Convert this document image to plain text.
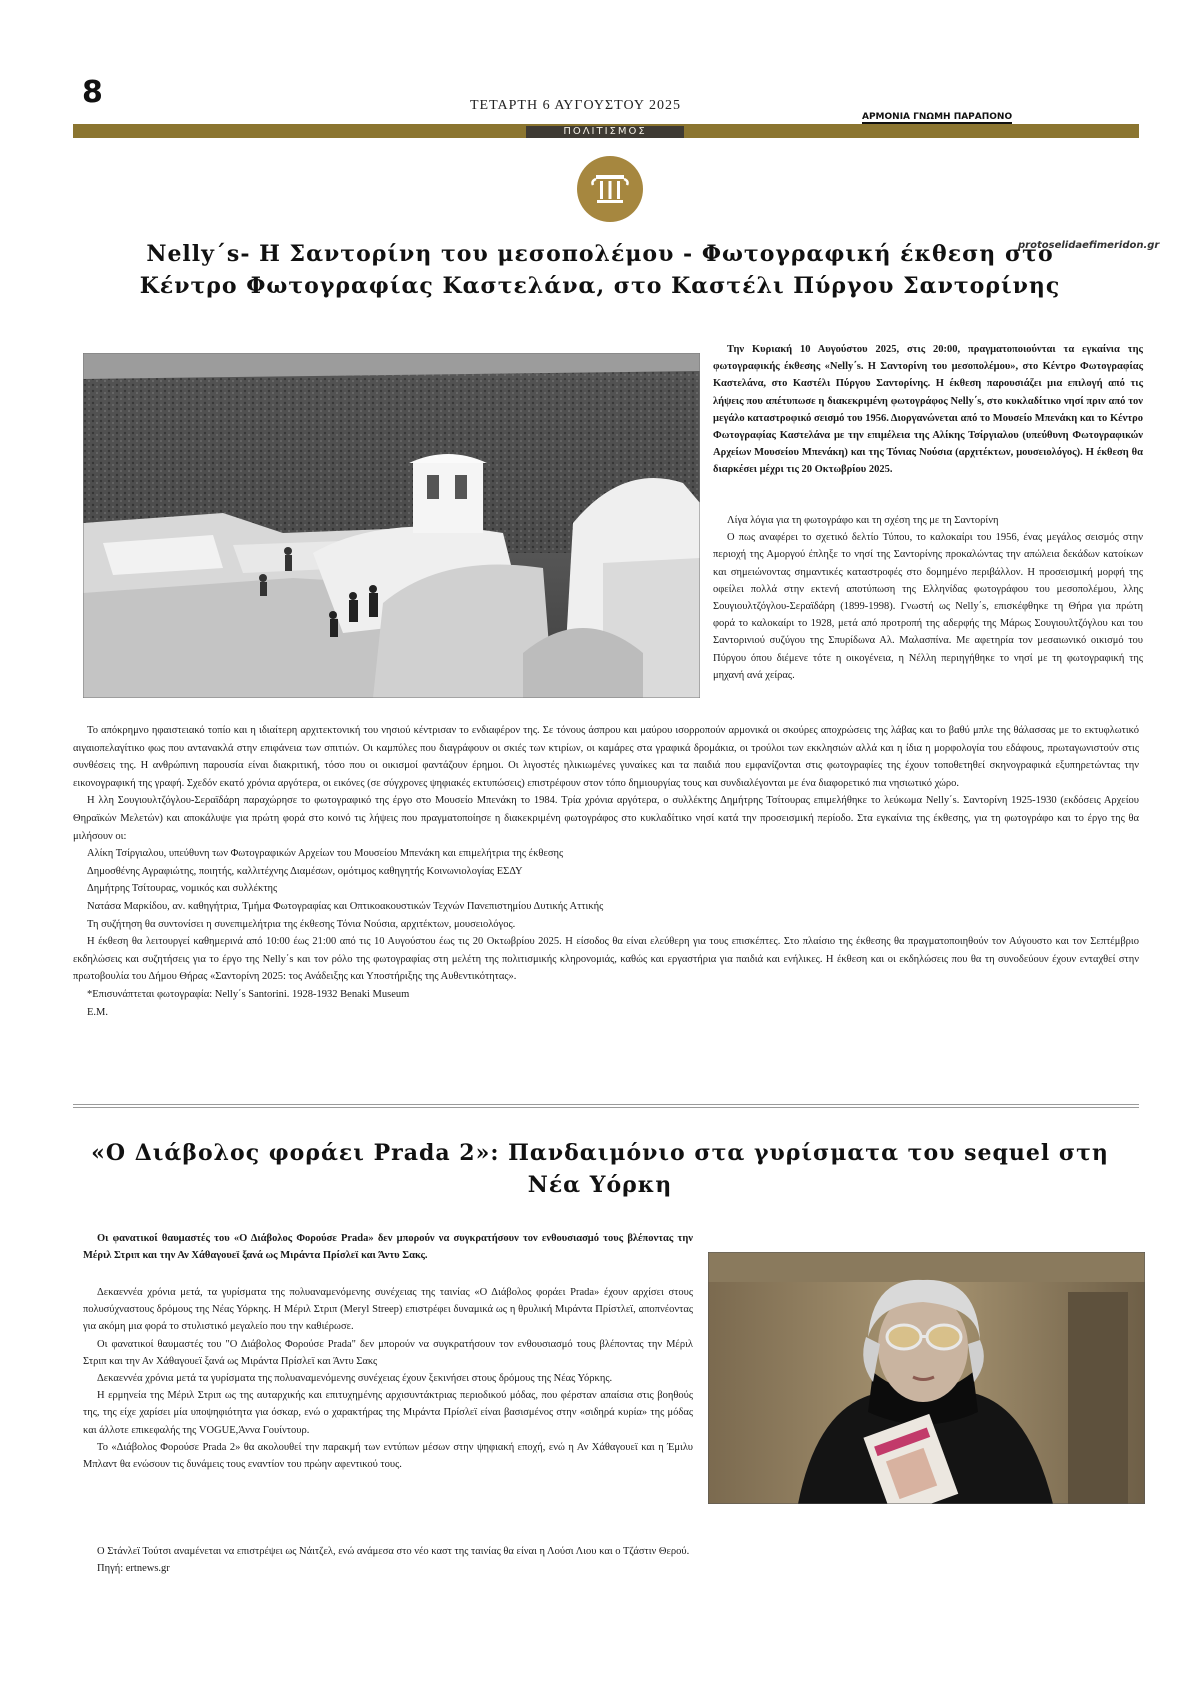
8	ΤΕΤΑΡΤΗ 6 ΑΥΓΟΥΣΤΟΥ 2025
ΑΡΜΟΝΙΑ ΓΝΩΜΗ ΠΑΡΑΠΟΝΟ
ΠΟΛΙΤΙΣΜΟΣ
protoselidaefimeridon.gr
Nelly΄s- Η Σαντορίνη του μεσοπολέμου - Φωτογραφική έκθεση στο Κέντρο Φωτογραφίας Καστελάνα, στο Καστέλι Πύργου Σαντορίνης

Την Κυριακή 10 Αυγούστου 2025, στις 20:00, πραγματοποιούνται τα εγκαίνια της φωτογραφικής έκθεσης «Nelly΄s. Η Σαντορίνη του μεσοπολέμου», στο Κέντρο Φωτογραφίας Καστελάνα, στο Καστέλι Πύργου Σαντορίνης. Η έκθεση παρουσιάζει μια επιλογή από τις λήψεις που απέτυπωσε η διακεκριμένη φωτογράφος Nelly΄s, στο κυκλαδίτικο νησί πριν από τον μεγάλο καταστροφικό σεισμό του 1956. Διοργανώνεται από το Μουσείο Μπενάκη και το Κέντρο Φωτογραφίας Καστελάνα με την επιμέλεια της Αλίκης Τσίργιαλου (υπεύθυνη Φωτογραφικών Αρχείων Μουσείου Μπενάκη) και της Τόνιας Νούσια (αρχιτέκτων, μουσειολόγος). Η έκθεση θα διαρκέσει μέχρι τις 20 Οκτωβρίου 2025.

Λίγα λόγια για τη φωτογράφο και τη σχέση της με τη Σαντορίνη

Ο πως αναφέρει το σχετικό δελτίο Τύπου, το καλοκαίρι του 1956, ένας μεγάλος σεισμός στην περιοχή της Αμοργού έπληξε το νησί της Σαντορίνης προκαλώντας την απώλεια δεκάδων κατοίκων και σημειώνοντας σημαντικές καταστροφές στο δομημένο περιβάλλον. Η προσεισμική μορφή της οφείλει πολλά στην εκτενή αποτύπωση της Ελληνίδας φωτογράφου του μεσοπολέμου, λλης Σουγιουλτζόγλου-Σεραϊδάρη (1899-1998). Γνωστή ως Nelly΄s, επισκέφθηκε τη Θήρα για πρώτη φορά το καλοκαίρι το 1928, μετά από προτροπή της αδερφής της Μάρως Σουγιουλτζόγλου και του Σαντορινιού συζύγου της Σπυρίδωνα Αλ. Μαλασπίνα. Με αφετηρία τον μεσαιωνικό οικισμό του Πύργου όπου διέμενε τότε η οικογένεια, η Νέλλη περιηγήθηκε το νησί με τη φωτογραφική της μηχανή ανά χείρας.

Το απόκρημνο ηφαιστειακό τοπίο και η ιδιαίτερη αρχιτεκτονική του νησιού κέντρισαν το ενδιαφέρον της. Σε τόνους άσπρου και μαύρου ισορροπούν αρμονικά οι σκούρες αποχρώσεις της λάβας και το βαθύ μπλε της θάλασσας με το εκτυφλωτικό αιγαιοπελαγίτικο φως που αντανακλά στην επιφάνεια των σπιτιών. Οι καμπύλες που διαγράφουν οι σκιές των κτιρίων, οι καμάρες στα γραφικά δρομάκια, οι τρούλοι των εκκλησιών αλλά και η ίδια η μορφολογία του εδάφους, πρωταγωνιστούν στις συνθέσεις της. Η ανθρώπινη παρουσία είναι διακριτική, τόσο που οι οικισμοί φαντάζουν έρημοι. Οι λιγοστές ηλικιωμένες γυναίκες και τα παιδιά που εμφανίζονται στις φωτογραφίες της έχουν τοποθετηθεί σκηνογραφικά εξυπηρετώντας την εικονογραφική της γραφή. Σχεδόν εκατό χρόνια αργότερα, οι εικόνες (σε σύγχρονες ψηφιακές εκτυπώσεις) επιστρέφουν στον τόπο δημιουργίας τους και συνδιαλέγονται με ένα διαφορετικό πια νησιωτικό χώρο.

Η λλη Σουγιουλτζόγλου-Σεραϊδάρη παραχώρησε το φωτογραφικό της έργο στο Μουσείο Μπενάκη το 1984. Τρία χρόνια αργότερα, ο συλλέκτης Δημήτρης Τσίτουρας επιμελήθηκε το λεύκωμα Nelly΄s. Σαντορίνη 1925-1930 (εκδόσεις Αρχείου Θηραϊκών Μελετών) και αποκάλυψε για πρώτη φορά στο κοινό τις λήψεις που πραγματοποίησε η διακεκριμένη φωτογράφος στο κυκλαδίτικο νησί κατά την προσεισμική περίοδο. Στα εγκαίνια της έκθεσης, για τη φωτογράφο και το έργο της θα μιλήσουν οι:

Αλίκη Τσίργιαλου, υπεύθυνη των Φωτογραφικών Αρχείων του Μουσείου Μπενάκη και επιμελήτρια της έκθεσης

Δημοσθένης Αγραφιώτης, ποιητής, καλλιτέχνης Διαμέσων, ομότιμος καθηγητής Κοινωνιολογίας ΕΣΔΥ

Δημήτρης Τσίτουρας, νομικός και συλλέκτης

Νατάσα Μαρκίδου, αν. καθηγήτρια, Τμήμα Φωτογραφίας και Οπτικοακουστικών Τεχνών Πανεπιστημίου Δυτικής Αττικής

Τη συζήτηση θα συντονίσει η συνεπιμελήτρια της έκθεσης Τόνια Νούσια, αρχιτέκτων, μουσειολόγος.

Η έκθεση θα λειτουργεί καθημερινά από 10:00 έως 21:00 από τις 10 Αυγούστου έως τις 20 Οκτωβρίου 2025. Η είσοδος θα είναι ελεύθερη για τους επισκέπτες. Στο πλαίσιο της έκθεσης θα πραγματοποιηθούν τον Αύγουστο και τον Σεπτέμβριο εκδηλώσεις και συζητήσεις για το έργο της Nelly΄s και τον ρόλο της φωτογραφίας στη μελέτη της πολιτισμικής κληρονομιάς, καθώς και εργαστήρια για παιδιά και ενήλικες. Η έκθεση και οι εκδηλώσεις που θα τη συνοδεύουν έχουν ενταχθεί στην πρωτοβουλία του Δήμου Θήρας «Σαντορίνη 2025: τος Ανάδειξης και Υποστήριξης της Αυθεντικότητας».

*Επισυνάπτεται φωτογραφία: Nelly΄s Santorini. 1928-1932 Benaki Museum

Ε.Μ.

«Ο Διάβολος φοράει Prada 2»: Πανδαιμόνιο στα γυρίσματα του sequel στη Νέα Υόρκη

Οι φανατικοί θαυμαστές του «Ο Διάβολος Φορούσε Prada» δεν μπορούν να συγκρατήσουν τον ενθουσιασμό τους βλέποντας την Μέριλ Στριπ και την Αν Χάθαγουεϊ ξανά ως Μιράντα Πρίσλεϊ και Άντυ Σακς.

Δεκαεννέα χρόνια μετά, τα γυρίσματα της πολυαναμενόμενης συνέχειας της ταινίας «Ο Διάβολος φοράει Prada» έχουν αρχίσει στους πολυσύχναστους δρόμους της Νέας Υόρκης. Η Μέριλ Στριπ (Meryl Streep) επιστρέφει δυναμικά ως η θρυλική Μιράντα Πρίστλεϊ, αποπνέοντας για ακόμη μια φορά το στυλιστικό μεγαλείο που την καθιέρωσε.

Οι φανατικοί θαυμαστές του "Ο Διάβολος Φορούσε Prada" δεν μπορούν να συγκρατήσουν τον ενθουσιασμό τους βλέποντας την Μέριλ Στριπ και την Αν Χάθαγουεϊ ξανά ως Μιράντα Πρίσλεϊ και Άντυ Σακς

Δεκαεννέα χρόνια μετά τα γυρίσματα της πολυαναμενόμενης συνέχειας έχουν ξεκινήσει στους δρόμους της Νέας Υόρκης.

Η ερμηνεία της Μέριλ Στριπ ως της αυταρχικής και επιτυχημένης αρχισυντάκτριας περιοδικού μόδας, που φέρσταν απαίσια στις βοηθούς της, της είχε χαρίσει μία υποψηφιότητα για όσκαρ, ενώ ο χαρακτήρας της Μιράντα Πρίσλεϊ είναι βασισμένος στην «σιδηρά κυρία» της μόδας και άλλοτε επικεφαλής της VOGUE,Άννα Γουίντουρ.

Το «Διάβολος Φορούσε Prada 2» θα ακολουθεί την παρακμή των εντύπων μέσων στην ψηφιακή εποχή, ενώ η Αν Χάθαγουεϊ και η Έμιλυ Μπλαντ θα ενώσουν τις δυνάμεις τους εναντίον του πρώην αφεντικού τους.

Ο Στάνλεϊ Τούτσι αναμένεται να επιστρέψει ως Νάιτζελ, ενώ ανάμεσα στο νέο καστ της ταινίας θα είναι η Λούσι Λιου και ο Τζάστιν Θερού.

Πηγή: ertnews.gr
